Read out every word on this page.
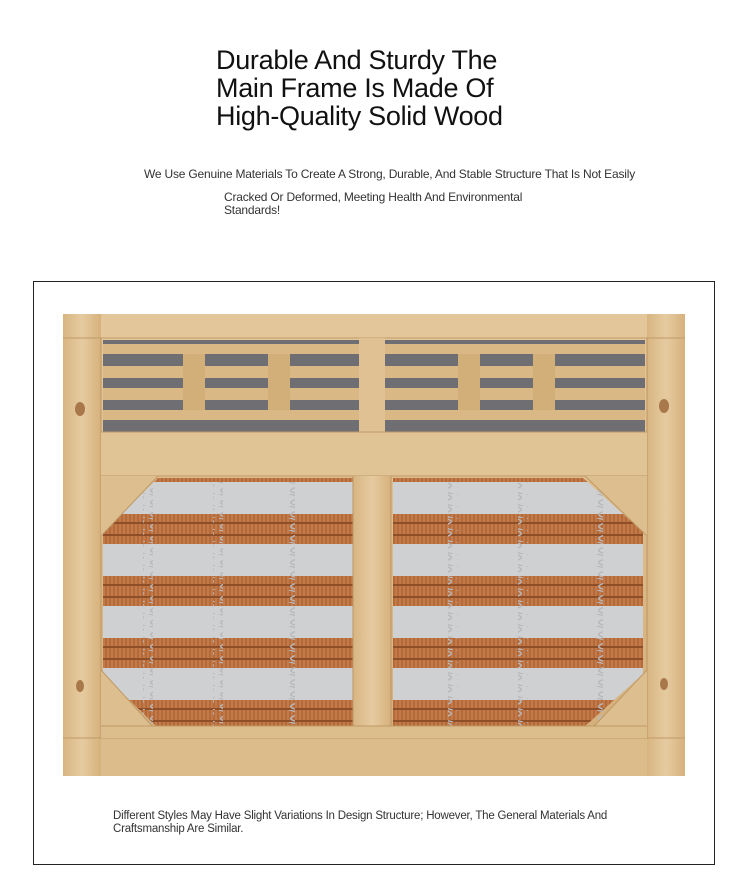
Durable And Sturdy The
Main Frame Is Made Of
High-Quality Solid Wood

We Use Genuine Materials To Create A Strong, Durable, And Stable Structure That Is Not Easily

Cracked Or Deformed, Meeting Health And Environmental Standards!

Different Styles May Have Slight Variations In Design Structure; However, The General Materials And Craftsmanship Are Similar.
